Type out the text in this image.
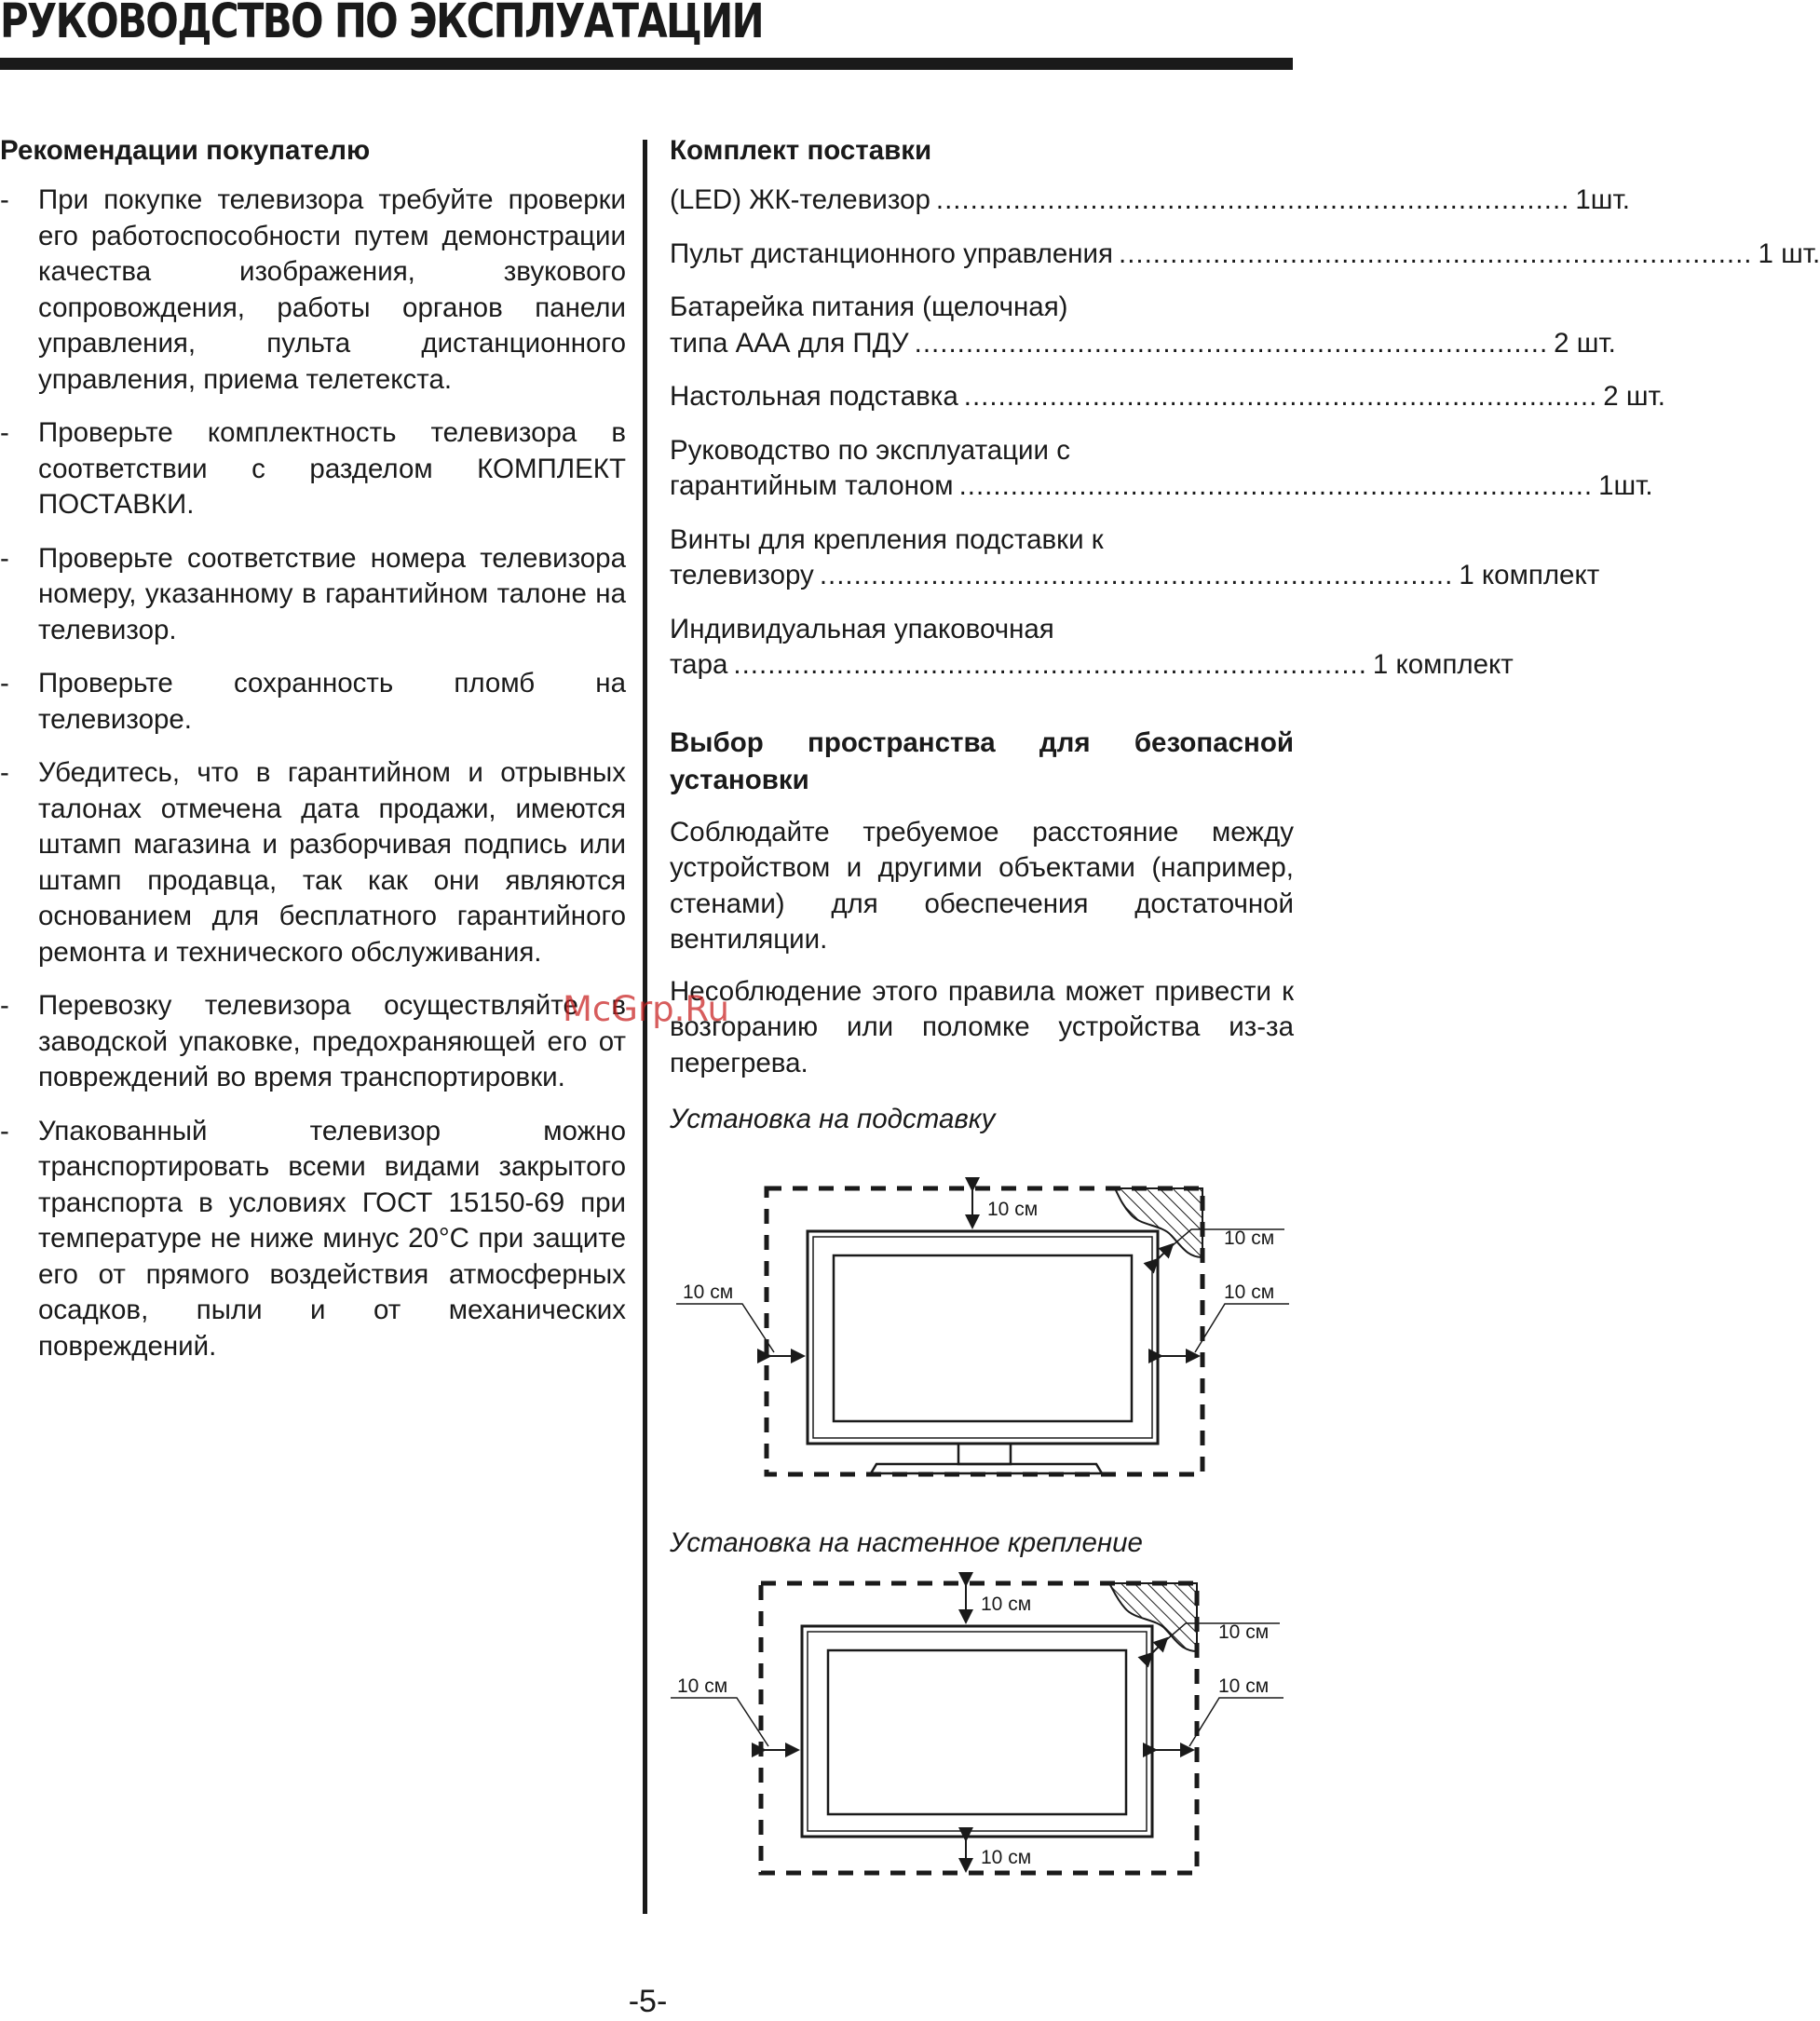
РУКОВОДСТВО ПО ЭКСПЛУАТАЦИИ
Рекомендации покупателю
- При покупке телевизора требуйте проверки его работоспособности путем демонстрации качества изображения, звукового сопровождения, работы органов панели управления, пульта дистанционного управления, приема телетекста.
- Проверьте комплектность телевизора в соответствии с разделом КОМПЛЕКТ ПОСТАВКИ.
- Проверьте соответствие номера телевизора номеру, указанному в гарантийном талоне на телевизор.
- Проверьте сохранность пломб на телевизоре.
- Убедитесь, что в гарантийном и отрывных талонах отмечена дата продажи, имеются штамп магазина и разборчивая подпись или штамп продавца, так как они являются основанием для бесплатного гарантийного ремонта и технического обслуживания.
- Перевозку телевизора осуществляйте в заводской упаковке, предохраняющей его от повреждений во время транспортировки.
- Упакованный телевизор можно транспортировать всеми видами закрытого транспорта в условиях ГОСТ 15150-69 при температуре не ниже минус 20°С при защите его от прямого воздействия атмосферных осадков, пыли и от механических повреждений.
Комплект поставки
(LED) ЖК-телевизор .......................................................................... 1шт.
Пульт дистанционного управления .......................................................................... 1 шт.
Батарейка питания (щелочная)
типа ААА для ПДУ .......................................................................... 2 шт.
Настольная подставка .......................................................................... 2 шт.
Руководство по эксплуатации с
гарантийным талоном .......................................................................... 1шт.
Винты для крепления подставки к
телевизору .......................................................................... 1 комплект
Индивидуальная упаковочная
тара .......................................................................... 1 комплект
Выбор пространства для безопасной установки

Соблюдайте требуемое расстояние между устройством и другими объектами (например, стенами) для обеспечения достаточной вентиляции.

Несоблюдение этого правила может привести к возгоранию или поломке устройства из-за перегрева.

Установка на подставку

10 см
10 см
10 см	10 см

Установка на настенное крепление

10 см
10 см
10 см	10 см
10 см
McGrp.Ru
-5-
